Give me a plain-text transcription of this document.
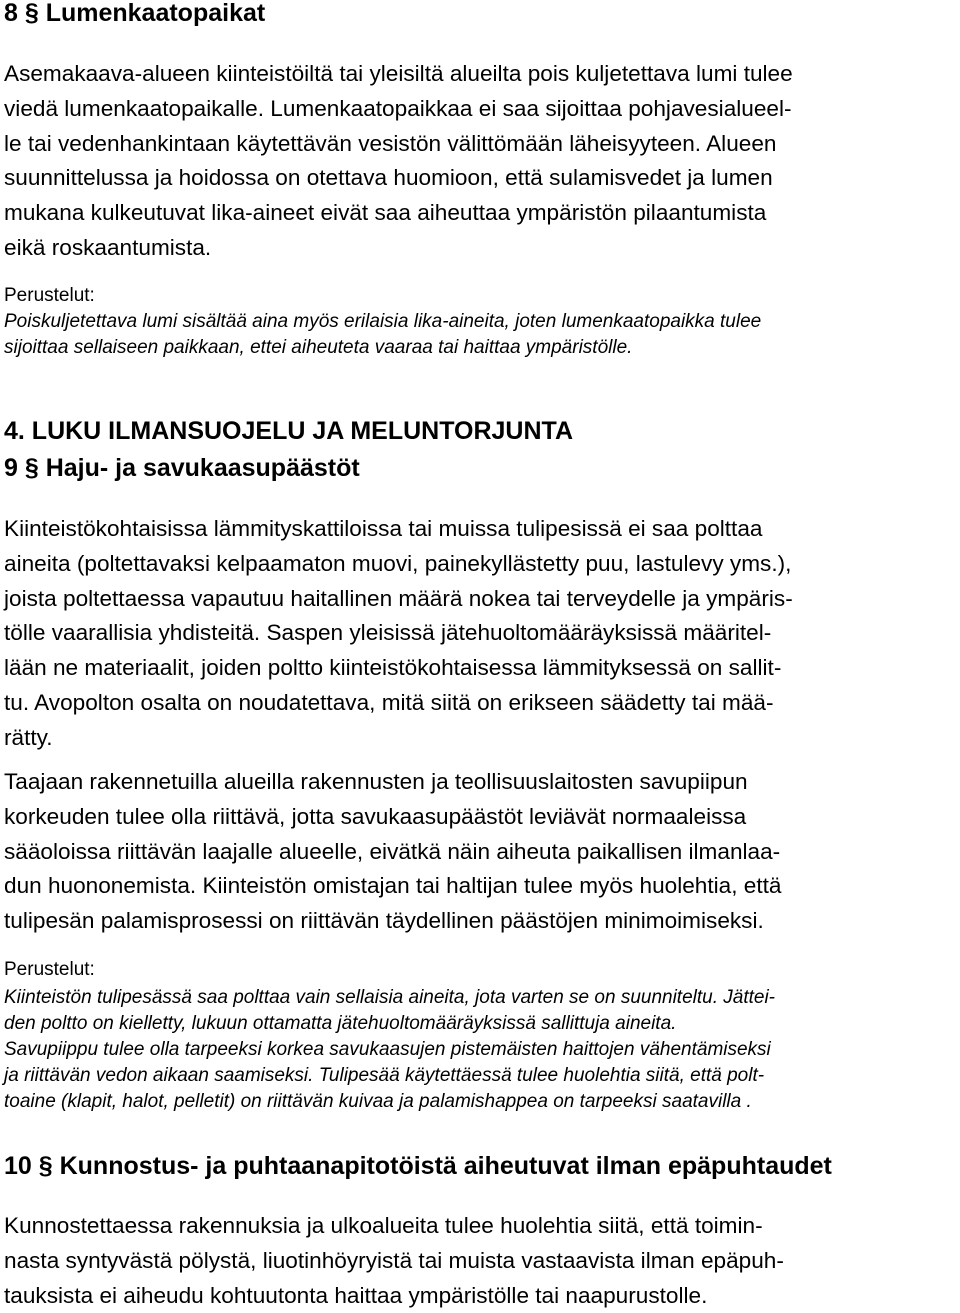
8 § Lumenkaatopaikat

Asemakaava-alueen kiinteistöiltä tai yleisiltä alueilta pois kuljetettava lumi tulee
viedä lumenkaatopaikalle. Lumenkaatopaikkaa ei saa sijoittaa pohjavesialueel-
le tai vedenhankintaan käytettävän vesistön välittömään läheisyyteen. Alueen
suunnittelussa ja hoidossa on otettava huomioon, että sulamisvedet ja lumen
mukana kulkeutuvat lika-aineet eivät saa aiheuttaa ympäristön pilaantumista
eikä roskaantumista.

Perustelut:

Poiskuljetettava lumi sisältää aina myös erilaisia lika-aineita, joten lumenkaatopaikka tulee
sijoittaa sellaiseen paikkaan, ettei aiheuteta vaaraa tai haittaa ympäristölle.

4. LUKU ILMANSUOJELU JA MELUNTORJUNTA
9 § Haju- ja savukaasupäästöt

Kiinteistökohtaisissa lämmityskattiloissa tai muissa tulipesissä ei saa polttaa
aineita (poltettavaksi kelpaamaton muovi, painekyllästetty puu, lastulevy yms.),
joista poltettaessa vapautuu haitallinen määrä nokea tai terveydelle ja ympäris-
tölle vaarallisia yhdisteitä. Saspen yleisissä jätehuoltomääräyksissä määritel-
lään ne materiaalit, joiden poltto kiinteistökohtaisessa lämmityksessä on sallit-
tu. Avopolton osalta on noudatettava, mitä siitä on erikseen säädetty tai mää-
rätty.

Taajaan rakennetuilla alueilla rakennusten ja teollisuuslaitosten savupiipun
korkeuden tulee olla riittävä, jotta savukaasupäästöt leviävät normaaleissa
sääoloissa riittävän laajalle alueelle, eivätkä näin aiheuta paikallisen ilmanlaa-
dun huononemista. Kiinteistön omistajan tai haltijan tulee myös huolehtia, että
tulipesän palamisprosessi on riittävän täydellinen päästöjen minimoimiseksi.

Perustelut:

Kiinteistön tulipesässä saa polttaa vain sellaisia aineita, jota varten se on suunniteltu. Jättei-
den poltto on kielletty, lukuun ottamatta jätehuoltomääräyksissä sallittuja aineita.
Savupiippu tulee olla tarpeeksi korkea savukaasujen pistemäisten haittojen vähentämiseksi
ja riittävän vedon aikaan saamiseksi. Tulipesää käytettäessä tulee huolehtia siitä, että polt-
toaine (klapit, halot, pelletit) on riittävän kuivaa ja palamishappea on tarpeeksi saatavilla .

10 § Kunnostus- ja puhtaanapitotöistä aiheutuvat ilman epäpuhtaudet

Kunnostettaessa rakennuksia ja ulkoalueita tulee huolehtia siitä, että toimin-
nasta syntyvästä pölystä, liuotinhöyryistä tai muista vastaavista ilman epäpuh-
tauksista ei aiheudu kohtuutonta haittaa ympäristölle tai naapurustolle.
